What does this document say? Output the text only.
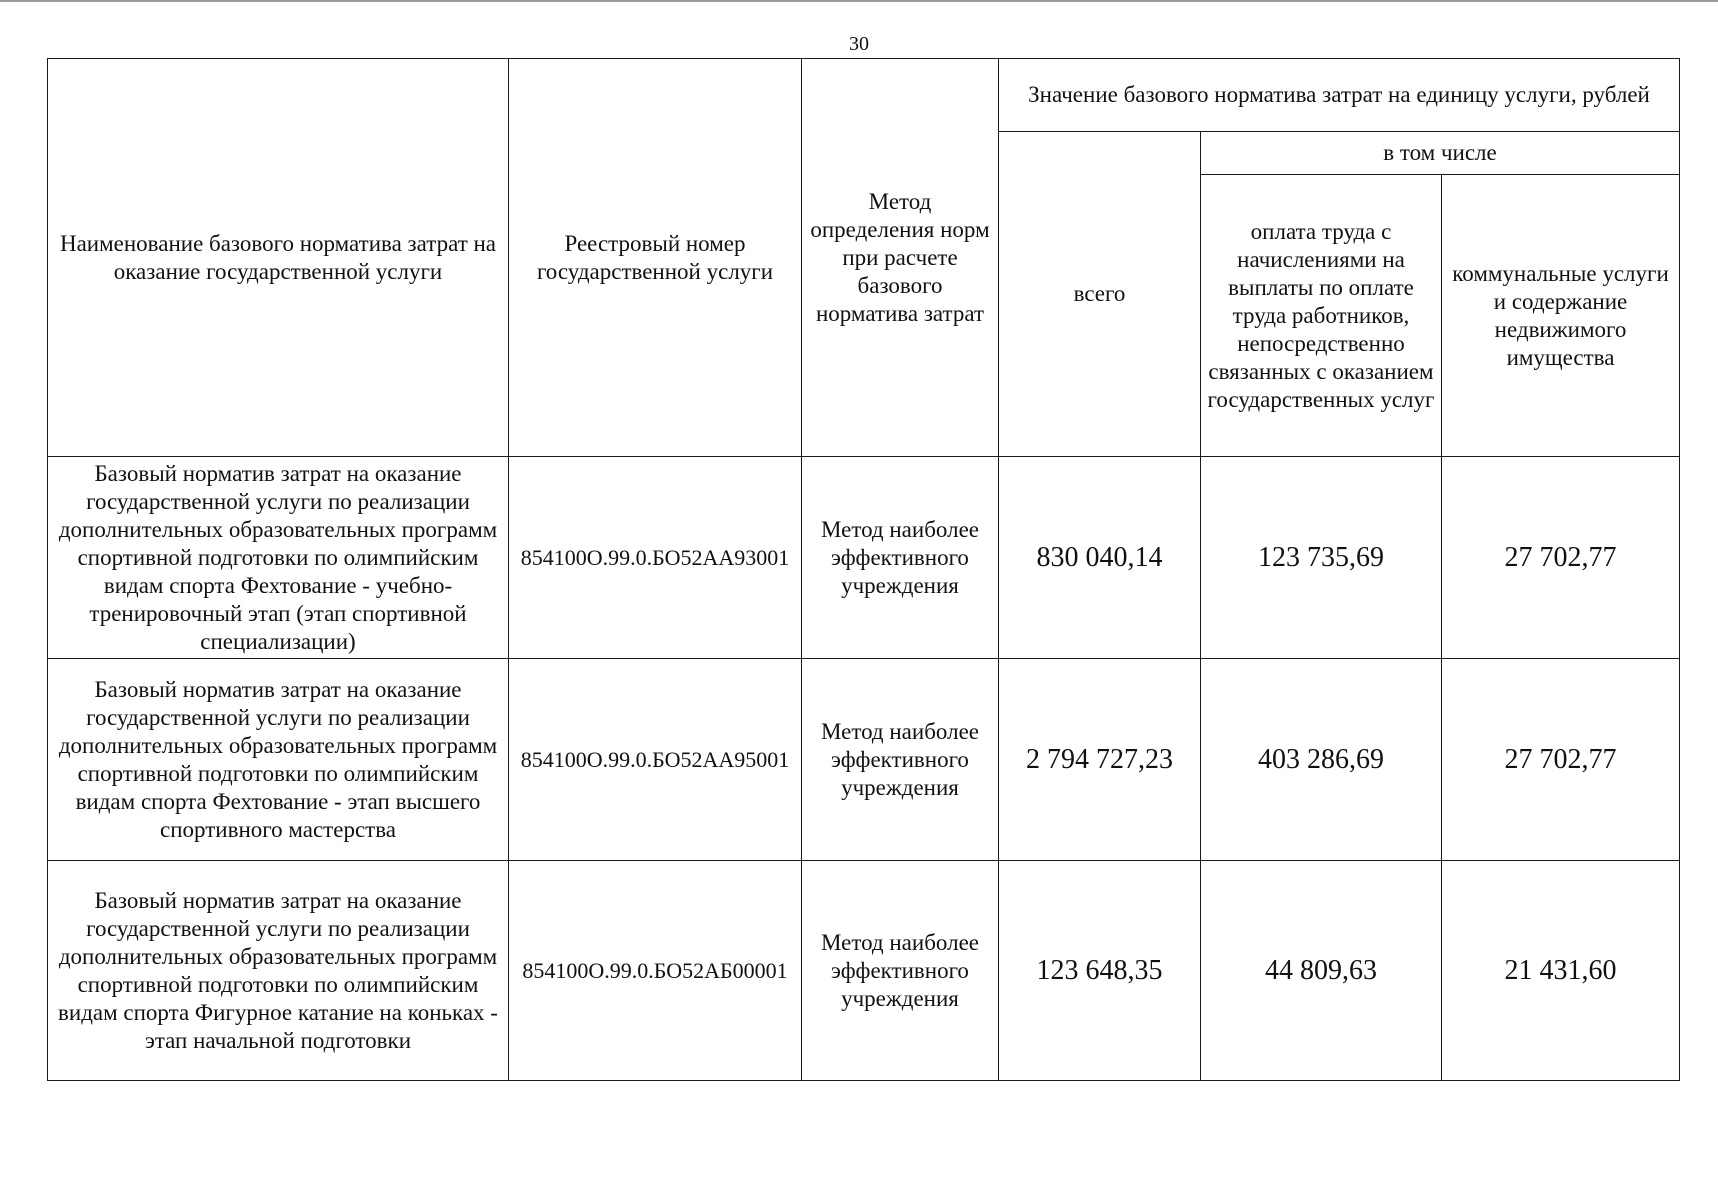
30
Наименование базового норматива затрат на оказание государственной услуги	Реестровый номер государственной услуги	Метод определения норм при расчете базового норматива затрат	Значение базового норматива затрат на единицу услуги, рублей		
			всего	в том числе	
				оплата труда с начислениями на выплаты по оплате труда работников, непосредственно связанных с оказанием государственных услуг	коммунальные услуги и содержание недвижимого имущества
Базовый норматив затрат на оказание государственной услуги по реализации дополнительных образовательных программ спортивной подготовки по олимпийским видам спорта Фехтование - учебно-тренировочный этап (этап спортивной специализации)	854100О.99.0.БО52АА93001	Метод наиболее эффективного учреждения	830 040,14	123 735,69	27 702,77
Базовый норматив затрат на оказание государственной услуги по реализации дополнительных образовательных программ спортивной подготовки по олимпийским видам спорта Фехтование - этап высшего спортивного мастерства	854100О.99.0.БО52АА95001	Метод наиболее эффективного учреждения	2 794 727,23	403 286,69	27 702,77
Базовый норматив затрат на оказание государственной услуги по реализации дополнительных образовательных программ спортивной подготовки по олимпийским видам спорта Фигурное катание на коньках - этап начальной подготовки	854100О.99.0.БО52АБ00001	Метод наиболее эффективного учреждения	123 648,35	44 809,63	21 431,60
